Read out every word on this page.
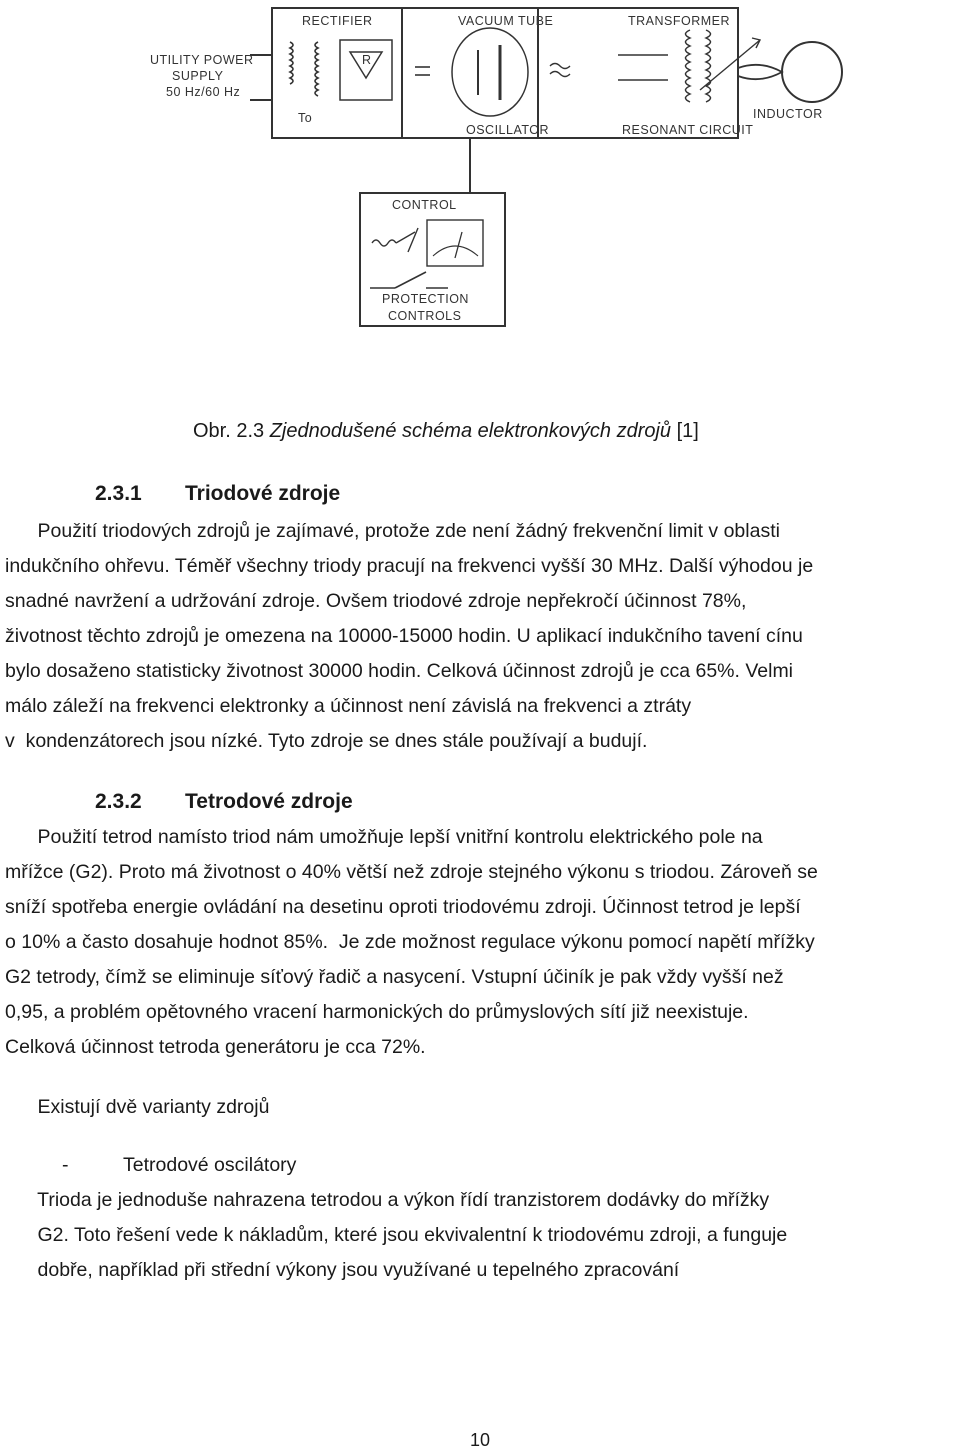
UTILITY POWER
SUPPLY
50 Hz/60 Hz
RECTIFIER
R
To
VACUUM TUBE
OSCILLATOR
TRANSFORMER
RESONANT CIRCUIT
INDUCTOR
CONTROL
PROTECTION
CONTROLS
Obr. 2.3 Zjednodušené schéma elektronkových zdrojů [1]
2.3.1 Triodové zdroje
Použití triodových zdrojů je zajímavé, protože zde není žádný frekvenční limit v oblasti
indukčního ohřevu. Téměř všechny triody pracují na frekvenci vyšší 30 MHz. Další výhodou je
snadné navržení a udržování zdroje. Ovšem triodové zdroje nepřekročí účinnost 78%,
životnost těchto zdrojů je omezena na 10000-15000 hodin. U aplikací indukčního tavení cínu
bylo dosaženo statisticky životnost 30000 hodin. Celková účinnost zdrojů je cca 65%. Velmi
málo záleží na frekvenci elektronky a účinnost není závislá na frekvenci a ztráty
v  kondenzátorech jsou nízké. Tyto zdroje se dnes stále používají a budují.
2.3.2 Tetrodové zdroje
Použití tetrod namísto triod nám umožňuje lepší vnitřní kontrolu elektrického pole na
mřížce (G2). Proto má životnost o 40% větší než zdroje stejného výkonu s triodou. Zároveň se
sníží spotřeba energie ovládání na desetinu oproti triodovému zdroji. Účinnost tetrod je lepší
o 10% a často dosahuje hodnot 85%.  Je zde možnost regulace výkonu pomocí napětí mřížky
G2 tetrody, čímž se eliminuje síťový řadič a nasycení. Vstupní účiník je pak vždy vyšší než
0,95, a problém opětovného vracení harmonických do průmyslových sítí již neexistuje.
Celková účinnost tetroda generátoru je cca 72%.
Existují dvě varianty zdrojů
-	Tetrodové oscilátory
Trioda je jednoduše nahrazena tetrodou a výkon řídí tranzistorem dodávky do mřížky
G2. Toto řešení vede k nákladům, které jsou ekvivalentní k triodovému zdroji, a funguje
dobře, například při střední výkony jsou využívané u tepelného zpracování
10
